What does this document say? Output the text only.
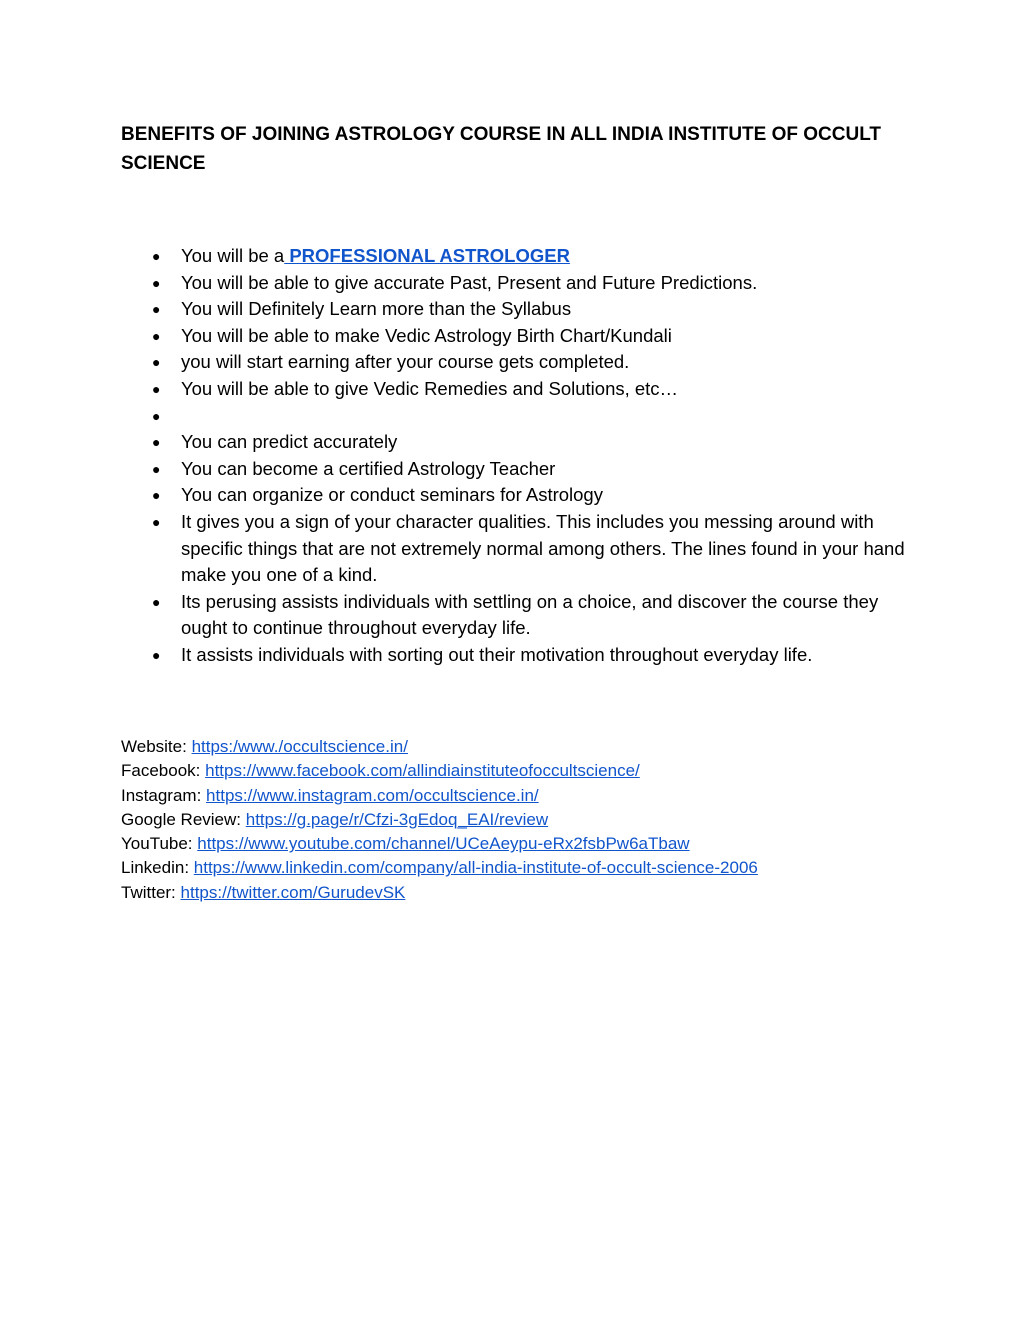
BENEFITS OF JOINING ASTROLOGY COURSE IN ALL INDIA INSTITUTE OF OCCULT SCIENCE
● You will be a PROFESSIONAL ASTROLOGER
● You will be able to give accurate Past, Present and Future Predictions.
● You will Definitely Learn more than the Syllabus
● You will be able to make Vedic Astrology Birth Chart/Kundali
● you will start earning after your course gets completed.
● You will be able to give Vedic Remedies and Solutions, etc…
●
● You can predict accurately
● You can become a certified Astrology Teacher
● You can organize or conduct seminars for Astrology
● It gives you a sign of your character qualities. This includes you messing around with specific things that are not extremely normal among others. The lines found in your hand make you one of a kind.
● Its perusing assists individuals with settling on a choice, and discover the course they ought to continue throughout everyday life.
● It assists individuals with sorting out their motivation throughout everyday life.
Website: https:/www./occultscience.in/
Facebook: https://www.facebook.com/allindiainstituteofoccultscience/
Instagram: https://www.instagram.com/occultscience.in/
Google Review: https://g.page/r/Cfzi-3gEdoq_EAI/review
YouTube: https://www.youtube.com/channel/UCeAeypu-eRx2fsbPw6aTbaw
Linkedin: https://www.linkedin.com/company/all-india-institute-of-occult-science-2006
Twitter: https://twitter.com/GurudevSK
